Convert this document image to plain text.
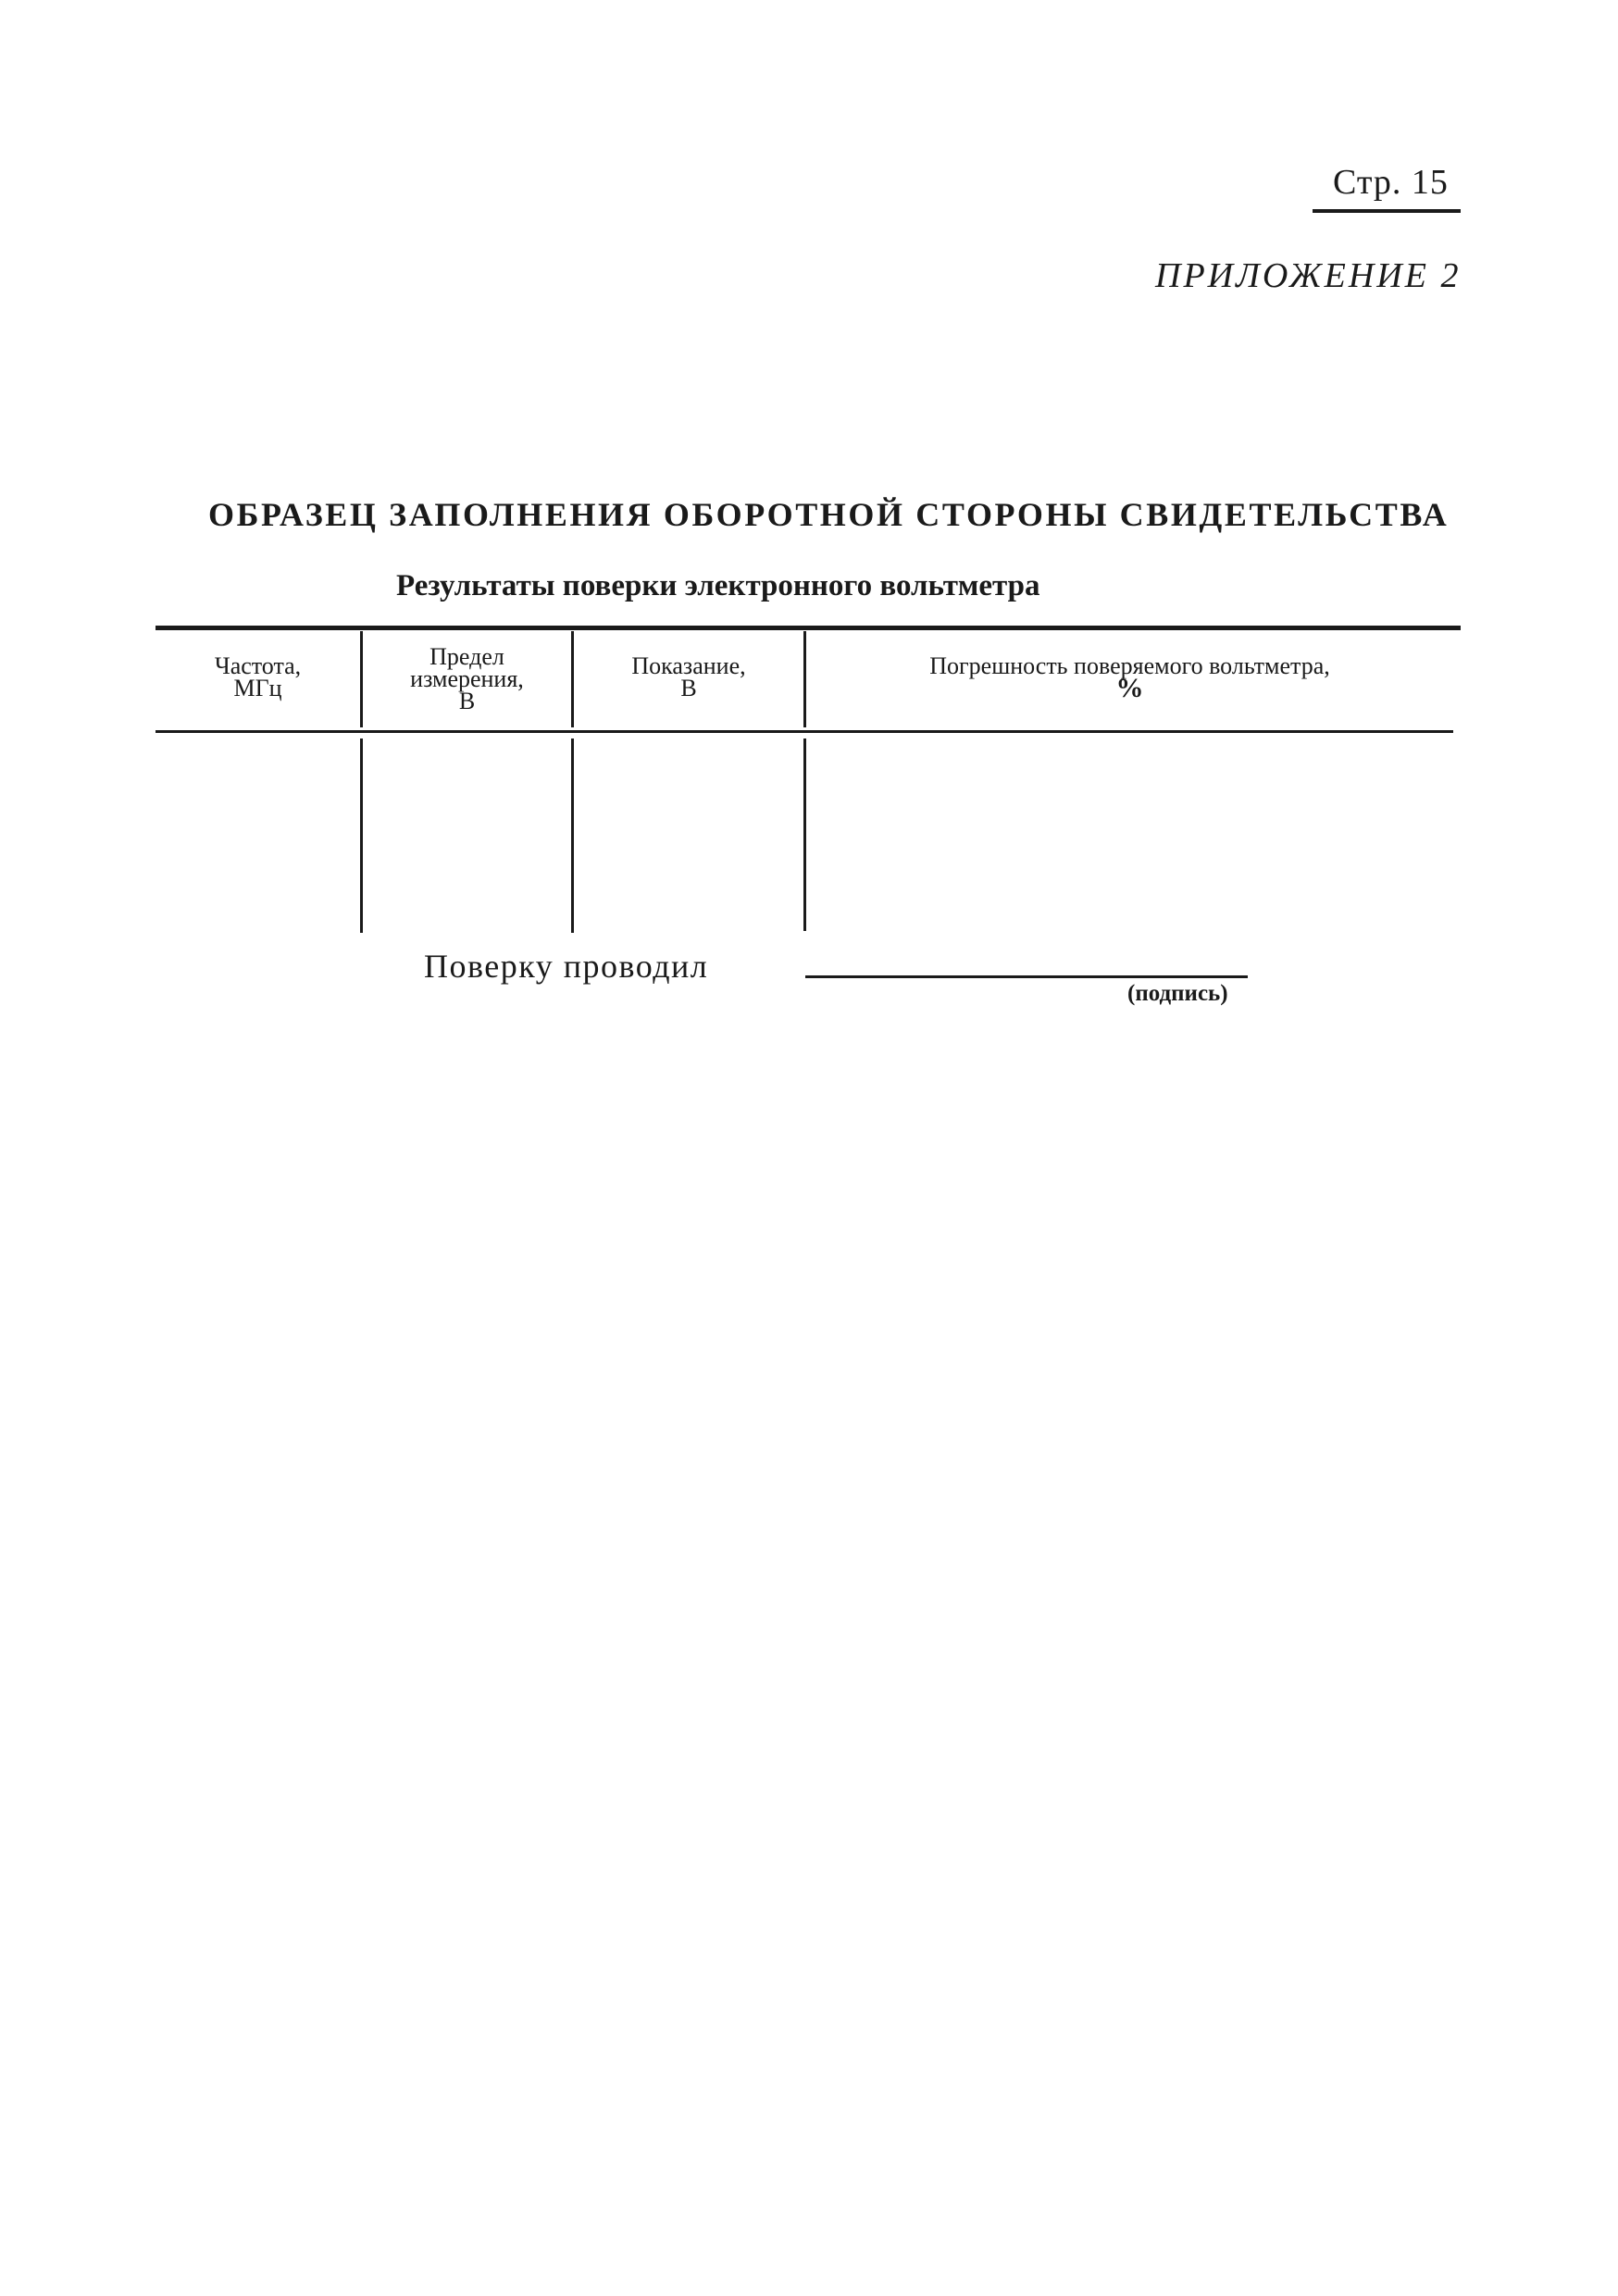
Стр. 15
ПРИЛОЖЕНИЕ 2
ОБРАЗЕЦ ЗАПОЛНЕНИЯ ОБОРОТНОЙ СТОРОНЫ СВИДЕТЕЛЬСТВА
Результаты поверки электронного вольтметра
Частота,
МГц
Предел
измерения,
В
Показание,
В
Погрешность поверяемого вольтметра,
%
Поверку проводил
(подпись)
